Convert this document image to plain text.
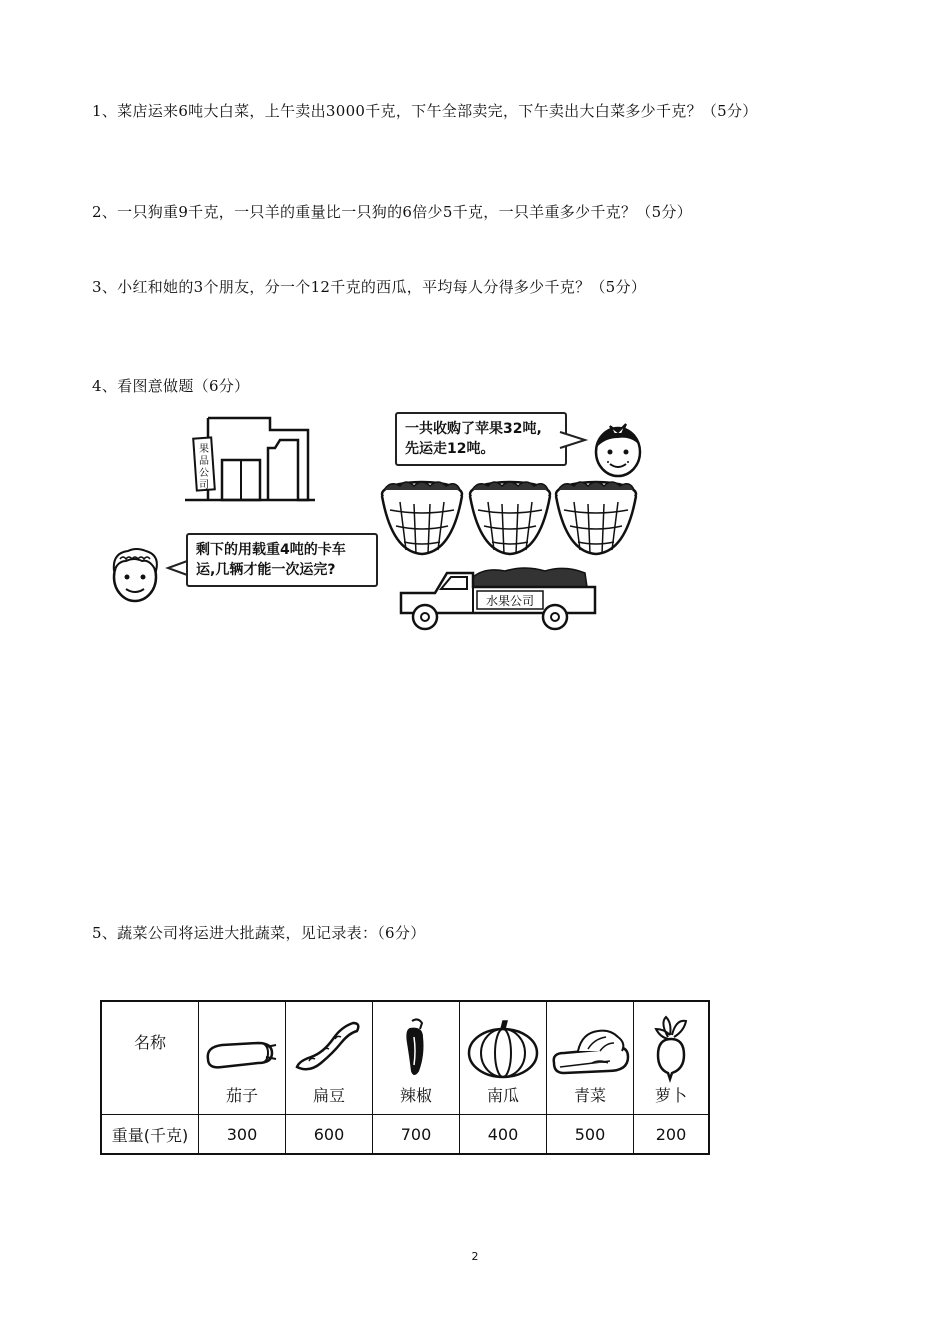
1、菜店运来6吨大白菜，上午卖出3000千克，下午全部卖完，下午卖出大白菜多少千克？（5分）
2、一只狗重9千克，一只羊的重量比一只狗的6倍少5千克，一只羊重多少千克？（5分）
3、小红和她的3个朋友，分一个12千克的西瓜，平均每人分得多少千克？（5分）
4、看图意做题（6分）
果
品
公
司
一共收购了苹果32吨,
先运走12吨。
剩下的用载重4吨的卡车
运,几辆才能一次运完?
水果公司
5、蔬菜公司将运进大批蔬菜，见记录表：（6分）
名称	茄子	扁豆	辣椒	南瓜	青菜	萝卜

重量(千克)	300	600	700	400	500	200
2
